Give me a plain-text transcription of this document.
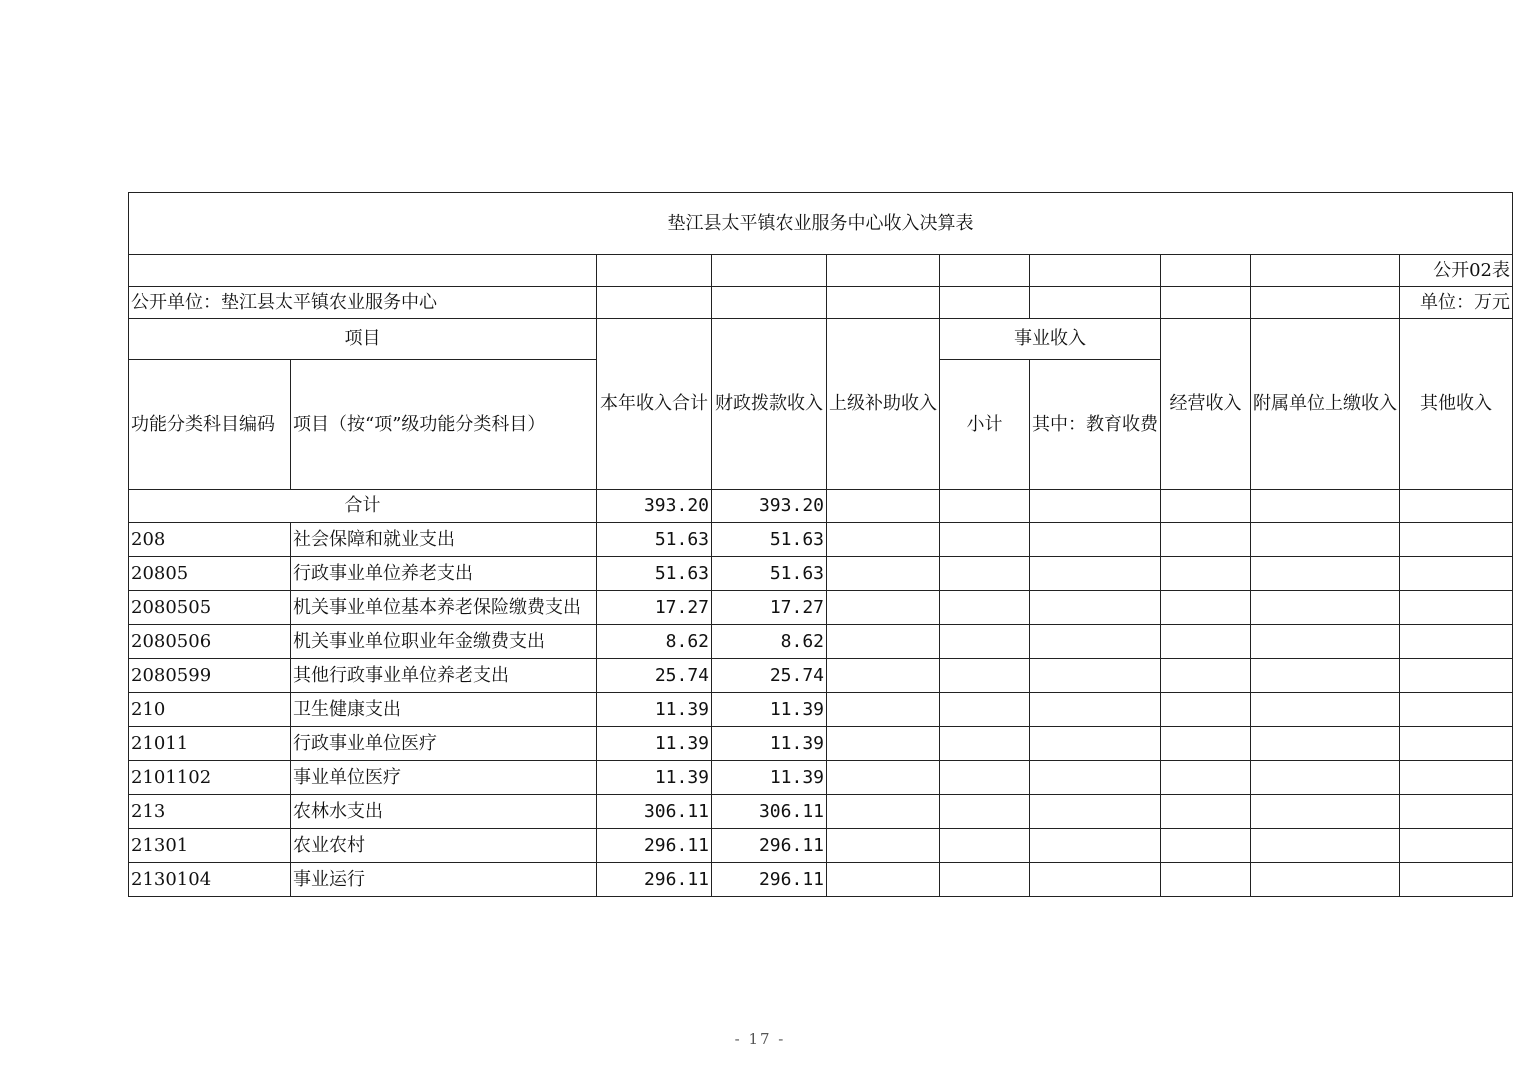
垫江县太平镇农业服务中心收入决算表									
									公开02表
公开单位：垫江县太平镇农业服务中心									单位：万元
项目		本年收入合计	财政拨款收入	上级补助收入	事业收入		经营收入	附属单位上缴收入	其他收入
功能分类科目编码	项目（按“项”级功能分类科目）				小计	其中：教育收费			
合计		393.20	393.20						
208	社会保障和就业支出	51.63	51.63						
20805	行政事业单位养老支出	51.63	51.63						
2080505	机关事业单位基本养老保险缴费支出	17.27	17.27						
2080506	机关事业单位职业年金缴费支出	8.62	8.62						
2080599	其他行政事业单位养老支出	25.74	25.74						
210	卫生健康支出	11.39	11.39						
21011	行政事业单位医疗	11.39	11.39						
2101102	事业单位医疗	11.39	11.39						
213	农林水支出	306.11	306.11						
21301	农业农村	296.11	296.11						
2130104	事业运行	296.11	296.11						
- 17 -
